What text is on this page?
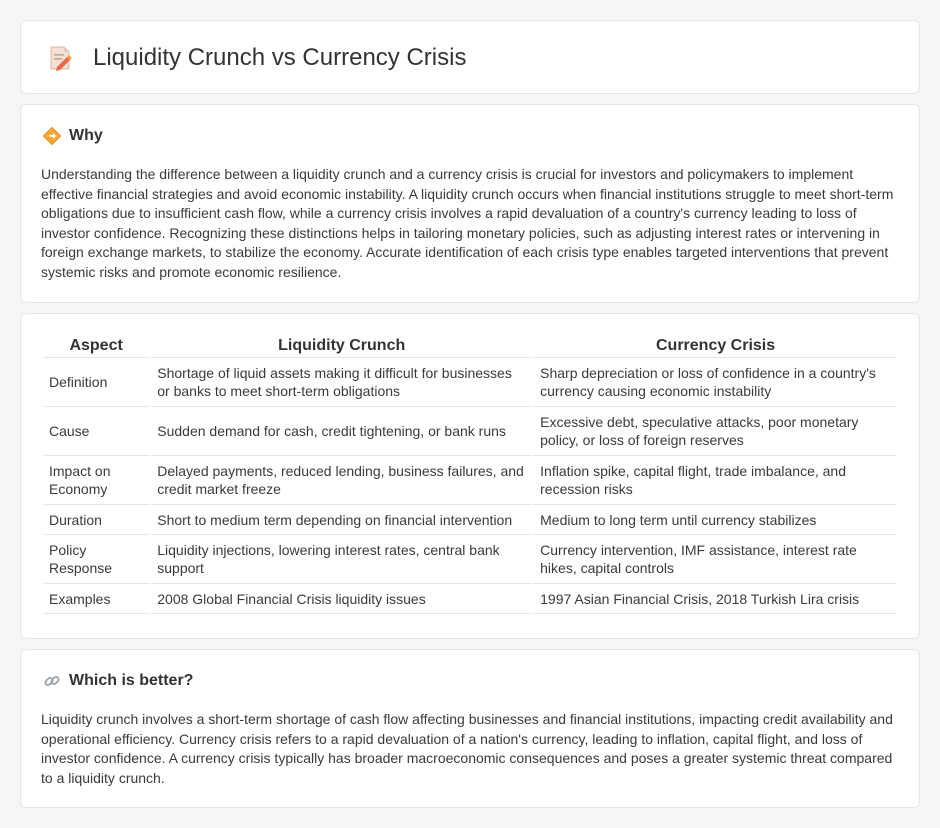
Liquidity Crunch vs Currency Crisis
Why

Understanding the difference between a liquidity crunch and a currency crisis is crucial for investors and policymakers to implement effective financial strategies and avoid economic instability. A liquidity crunch occurs when financial institutions struggle to meet short-term obligations due to insufficient cash flow, while a currency crisis involves a rapid devaluation of a country's currency leading to loss of investor confidence. Recognizing these distinctions helps in tailoring monetary policies, such as adjusting interest rates or intervening in foreign exchange markets, to stabilize the economy. Accurate identification of each crisis type enables targeted interventions that prevent systemic risks and promote economic resilience.

Aspect	Liquidity Crunch	Currency Crisis
Definition	Shortage of liquid assets making it difficult for businesses or banks to meet short-term obligations	Sharp depreciation or loss of confidence in a country's currency causing economic instability
Cause	Sudden demand for cash, credit tightening, or bank runs	Excessive debt, speculative attacks, poor monetary policy, or loss of foreign reserves
Impact on Economy	Delayed payments, reduced lending, business failures, and credit market freeze	Inflation spike, capital flight, trade imbalance, and recession risks
Duration	Short to medium term depending on financial intervention	Medium to long term until currency stabilizes
Policy Response	Liquidity injections, lowering interest rates, central bank support	Currency intervention, IMF assistance, interest rate hikes, capital controls
Examples	2008 Global Financial Crisis liquidity issues	1997 Asian Financial Crisis, 2018 Turkish Lira crisis
Which is better?

Liquidity crunch involves a short-term shortage of cash flow affecting businesses and financial institutions, impacting credit availability and operational efficiency. Currency crisis refers to a rapid devaluation of a nation's currency, leading to inflation, capital flight, and loss of investor confidence. A currency crisis typically has broader macroeconomic consequences and poses a greater systemic threat compared to a liquidity crunch.
